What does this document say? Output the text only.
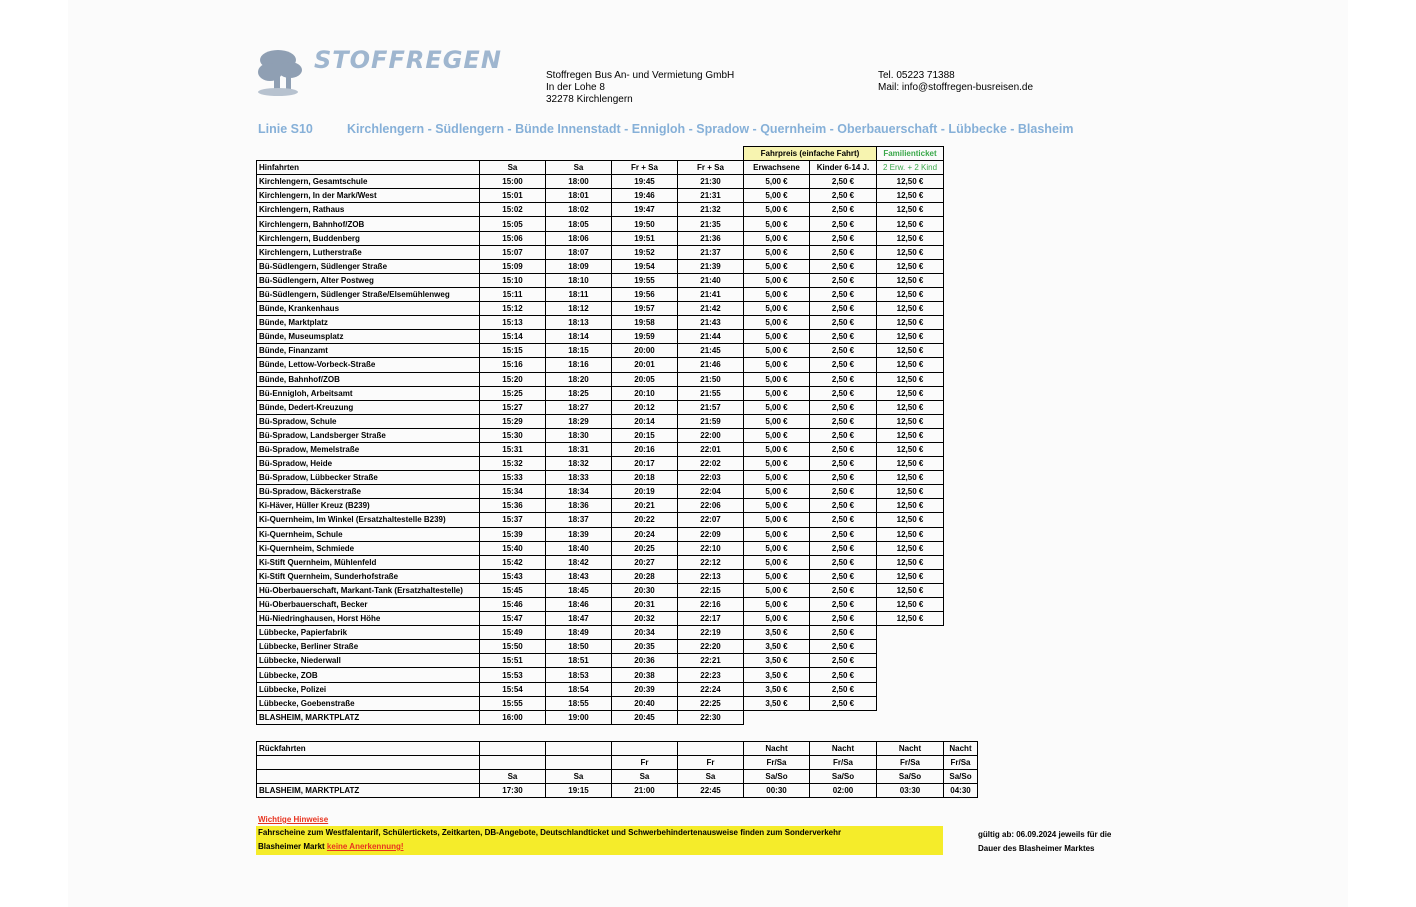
STOFFREGEN
Stoffregen Bus An- und Vermietung GmbH
In der Lohe 8
32278 Kirchlengern
Tel. 05223 71388
Mail: info@stoffregen-busreisen.de
Linie S10	Kirchlengern - Südlengern - Bünde Innenstadt - Ennigloh - Spradow - Quernheim - Oberbauerschaft - Lübbecke - Blasheim
					Fahrpreis (einfache Fahrt)		Familienticket
Hinfahrten	Sa	Sa	Fr + Sa	Fr + Sa	Erwachsene	Kinder 6-14 J.	2 Erw. + 2 Kind
Kirchlengern, Gesamtschule	15:00	18:00	19:45	21:30	5,00 €	2,50 €	12,50 €
Kirchlengern, In der Mark/West	15:01	18:01	19:46	21:31	5,00 €	2,50 €	12,50 €
Kirchlengern, Rathaus	15:02	18:02	19:47	21:32	5,00 €	2,50 €	12,50 €
Kirchlengern, Bahnhof/ZOB	15:05	18:05	19:50	21:35	5,00 €	2,50 €	12,50 €
Kirchlengern, Buddenberg	15:06	18:06	19:51	21:36	5,00 €	2,50 €	12,50 €
Kirchlengern, Lutherstraße	15:07	18:07	19:52	21:37	5,00 €	2,50 €	12,50 €
Bü-Südlengern, Südlenger Straße	15:09	18:09	19:54	21:39	5,00 €	2,50 €	12,50 €
Bü-Südlengern, Alter Postweg	15:10	18:10	19:55	21:40	5,00 €	2,50 €	12,50 €
Bü-Südlengern, Südlenger Straße/Elsemühlenweg	15:11	18:11	19:56	21:41	5,00 €	2,50 €	12,50 €
Bünde, Krankenhaus	15:12	18:12	19:57	21:42	5,00 €	2,50 €	12,50 €
Bünde, Marktplatz	15:13	18:13	19:58	21:43	5,00 €	2,50 €	12,50 €
Bünde, Museumsplatz	15:14	18:14	19:59	21:44	5,00 €	2,50 €	12,50 €
Bünde, Finanzamt	15:15	18:15	20:00	21:45	5,00 €	2,50 €	12,50 €
Bünde, Lettow-Vorbeck-Straße	15:16	18:16	20:01	21:46	5,00 €	2,50 €	12,50 €
Bünde, Bahnhof/ZOB	15:20	18:20	20:05	21:50	5,00 €	2,50 €	12,50 €
Bü-Ennigloh, Arbeitsamt	15:25	18:25	20:10	21:55	5,00 €	2,50 €	12,50 €
Bünde, Dedert-Kreuzung	15:27	18:27	20:12	21:57	5,00 €	2,50 €	12,50 €
Bü-Spradow, Schule	15:29	18:29	20:14	21:59	5,00 €	2,50 €	12,50 €
Bü-Spradow, Landsberger Straße	15:30	18:30	20:15	22:00	5,00 €	2,50 €	12,50 €
Bü-Spradow, Memelstraße	15:31	18:31	20:16	22:01	5,00 €	2,50 €	12,50 €
Bü-Spradow, Heide	15:32	18:32	20:17	22:02	5,00 €	2,50 €	12,50 €
Bü-Spradow, Lübbecker Straße	15:33	18:33	20:18	22:03	5,00 €	2,50 €	12,50 €
Bü-Spradow, Bäckerstraße	15:34	18:34	20:19	22:04	5,00 €	2,50 €	12,50 €
Ki-Häver, Hüller Kreuz (B239)	15:36	18:36	20:21	22:06	5,00 €	2,50 €	12,50 €
Ki-Quernheim, Im Winkel (Ersatzhaltestelle B239)	15:37	18:37	20:22	22:07	5,00 €	2,50 €	12,50 €
Ki-Quernheim, Schule	15:39	18:39	20:24	22:09	5,00 €	2,50 €	12,50 €
Ki-Quernheim, Schmiede	15:40	18:40	20:25	22:10	5,00 €	2,50 €	12,50 €
Ki-Stift Quernheim, Mühlenfeld	15:42	18:42	20:27	22:12	5,00 €	2,50 €	12,50 €
Ki-Stift Quernheim, Sunderhofstraße	15:43	18:43	20:28	22:13	5,00 €	2,50 €	12,50 €
Hü-Oberbauerschaft, Markant-Tank (Ersatzhaltestelle)	15:45	18:45	20:30	22:15	5,00 €	2,50 €	12,50 €
Hü-Oberbauerschaft, Becker	15:46	18:46	20:31	22:16	5,00 €	2,50 €	12,50 €
Hü-Niedringhausen, Horst Höhe	15:47	18:47	20:32	22:17	5,00 €	2,50 €	12,50 €
Lübbecke, Papierfabrik	15:49	18:49	20:34	22:19	3,50 €	2,50 €	
Lübbecke, Berliner Straße	15:50	18:50	20:35	22:20	3,50 €	2,50 €	
Lübbecke, Niederwall	15:51	18:51	20:36	22:21	3,50 €	2,50 €	
Lübbecke, ZOB	15:53	18:53	20:38	22:23	3,50 €	2,50 €	
Lübbecke, Polizei	15:54	18:54	20:39	22:24	3,50 €	2,50 €	
Lübbecke, Goebenstraße	15:55	18:55	20:40	22:25	3,50 €	2,50 €	
BLASHEIM, MARKTPLATZ	16:00	19:00	20:45	22:30			
Rückfahrten					Nacht	Nacht	Nacht	Nacht
			Fr	Fr	Fr/Sa	Fr/Sa	Fr/Sa	Fr/Sa
	Sa	Sa	Sa	Sa	Sa/So	Sa/So	Sa/So	Sa/So
BLASHEIM, MARKTPLATZ	17:30	19:15	21:00	22:45	00:30	02:00	03:30	04:30
Wichtige Hinweise
Fahrscheine zum Westfalentarif, Schülertickets, Zeitkarten, DB-Angebote, Deutschlandticket und Schwerbehindertenausweise finden zum Sonderverkehr
Blasheimer Markt keine Anerkennung!
gültig ab: 06.09.2024 jeweils für die
Dauer des Blasheimer Marktes
